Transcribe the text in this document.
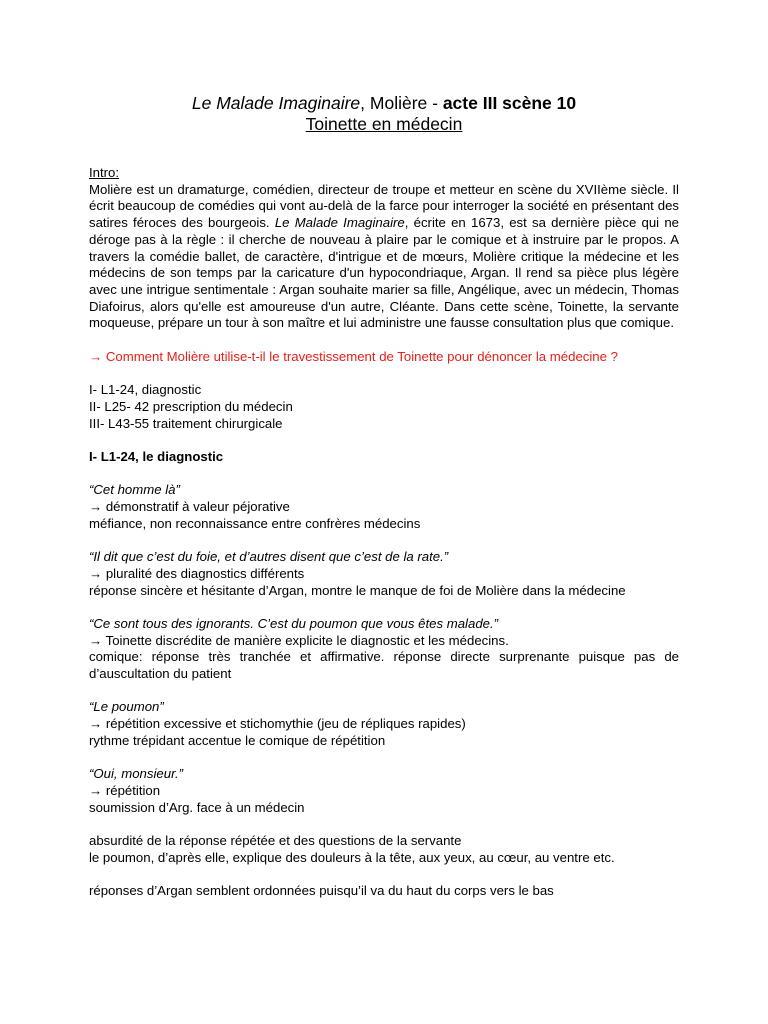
Le Malade Imaginaire, Molière - acte III scène 10
Toinette en médecin

Intro:

Molière est un dramaturge, comédien, directeur de troupe et metteur en scène du XVIIème siècle. Il écrit beaucoup de comédies qui vont au-delà de la farce pour interroger la société en présentant des satires féroces des bourgeois. Le Malade Imaginaire, écrite en 1673, est sa dernière pièce qui ne déroge pas à la règle : il cherche de nouveau à plaire par le comique et à instruire par le propos. A travers la comédie ballet, de caractère, d'intrigue et de mœurs, Molière critique la médecine et les médecins de son temps par la caricature d'un hypocondriaque, Argan. Il rend sa pièce plus légère avec une intrigue sentimentale : Argan souhaite marier sa fille, Angélique, avec un médecin, Thomas Diafoirus, alors qu'elle est amoureuse d'un autre, Cléante. Dans cette scène, Toinette, la servante moqueuse, prépare un tour à son maître et lui administre une fausse consultation plus que comique.

→ Comment Molière utilise-t-il le travestissement de Toinette pour dénoncer la médecine ?

I- L1-24, diagnostic

II- L25- 42 prescription du médecin

III- L43-55 traitement chirurgicale

I- L1-24, le diagnostic

“Cet homme là”

→ démonstratif à valeur péjorative

méfiance, non reconnaissance entre confrères médecins

“Il dit que c’est du foie, et d’autres disent que c’est de la rate.”

→ pluralité des diagnostics différents

réponse sincère et hésitante d’Argan, montre le manque de foi de Molière dans la médecine

“Ce sont tous des ignorants. C’est du poumon que vous êtes malade.”

→ Toinette discrédite de manière explicite le diagnostic et les médecins.

comique: réponse très tranchée et affirmative. réponse directe surprenante puisque pas de d’auscultation du patient

“Le poumon”

→ répétition excessive et stichomythie (jeu de répliques rapides)

rythme trépidant accentue le comique de répétition

“Oui, monsieur.”

→ répétition

soumission d’Arg. face à un médecin

absurdité de la réponse répétée et des questions de la servante

le poumon, d’après elle, explique des douleurs à la tête, aux yeux, au cœur, au ventre etc.

réponses d’Argan semblent ordonnées puisqu’il va du haut du corps vers le bas
